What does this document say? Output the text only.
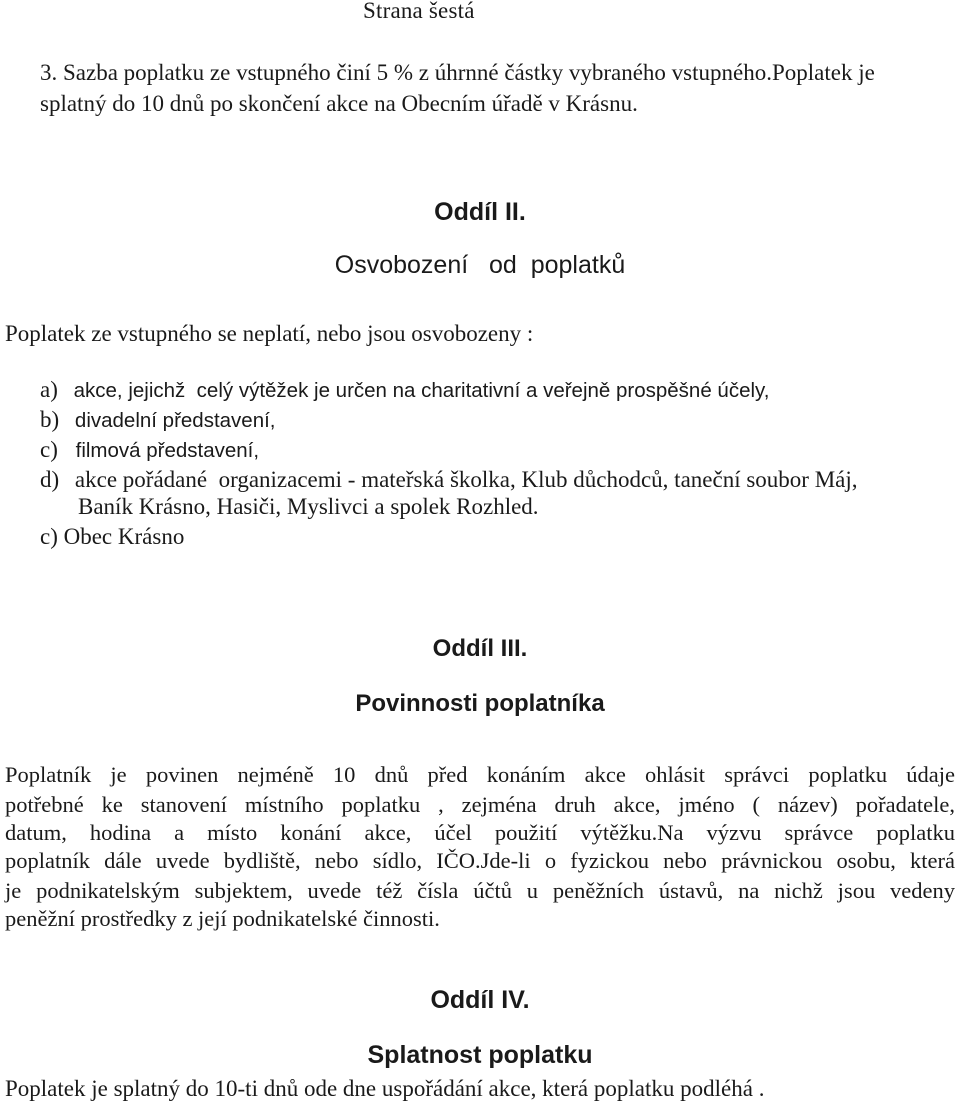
Strana šestá
3. Sazba poplatku ze vstupného činí 5 % z úhrnné částky vybraného vstupného.Poplatek je
splatný do 10 dnů po skončení akce na Obecním úřadě v Krásnu.
Oddíl II.
Osvobození   od  poplatků
Poplatek ze vstupného se neplatí, nebo jsou osvobozeny :
a) akce, jejichž  celý výtěžek je určen na charitativní a veřejně prospěšné účely,
b) divadelní představení,
c) filmová představení,
d) akce pořádané  organizacemi - mateřská školka, Klub důchodců, taneční soubor Máj,
Baník Krásno, Hasiči, Myslivci a spolek Rozhled.
c) Obec Krásno
Oddíl III.
Povinnosti poplatníka
Poplatník je povinen nejméně 10 dnů před konáním akce ohlásit správci poplatku údaje
potřebné ke stanovení místního poplatku , zejména druh akce, jméno ( název) pořadatele,
datum, hodina a místo konání akce, účel použití výtěžku.Na výzvu správce poplatku
poplatník dále uvede bydliště, nebo sídlo, IČO.Jde-li o fyzickou nebo právnickou osobu, která
je podnikatelským subjektem, uvede též čísla účtů u peněžních ústavů, na nichž jsou vedeny
peněžní prostředky z její podnikatelské činnosti.
Oddíl IV.
Splatnost poplatku
Poplatek je splatný do 10-ti dnů ode dne uspořádání akce, která poplatku podléhá .
